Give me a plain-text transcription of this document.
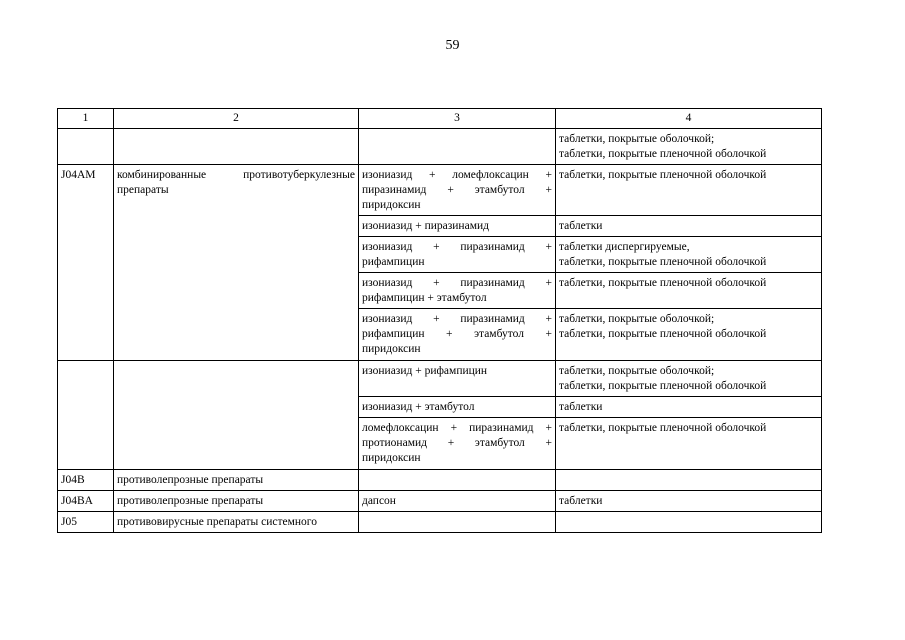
59
1	2	3	4

			таблетки, покрытые оболочкой;
таблетки, покрытые пленочной оболочкой

J04AM	комбинированные противотуберкулезные препараты	изониазид + ломефлоксацин + пиразинамид + этамбутол + пиридоксин	таблетки, покрытые пленочной оболочкой

		изониазид + пиразинамид	таблетки

		изониазид + пиразинамид + рифампицин	таблетки диспергируемые,
таблетки, покрытые пленочной оболочкой

		изониазид + пиразинамид + рифампицин + этамбутол	таблетки, покрытые пленочной оболочкой

		изониазид + пиразинамид + рифампицин + этамбутол + пиридоксин	таблетки, покрытые оболочкой;
таблетки, покрытые пленочной оболочкой

		изониазид + рифампицин	таблетки, покрытые оболочкой;
таблетки, покрытые пленочной оболочкой

		изониазид + этамбутол	таблетки

		ломефлоксацин + пиразинамид + протионамид + этамбутол + пиридоксин	таблетки, покрытые пленочной оболочкой

J04B	противолепрозные препараты		

J04BA	противолепрозные препараты	дапсон	таблетки

J05	противовирусные препараты системного		
